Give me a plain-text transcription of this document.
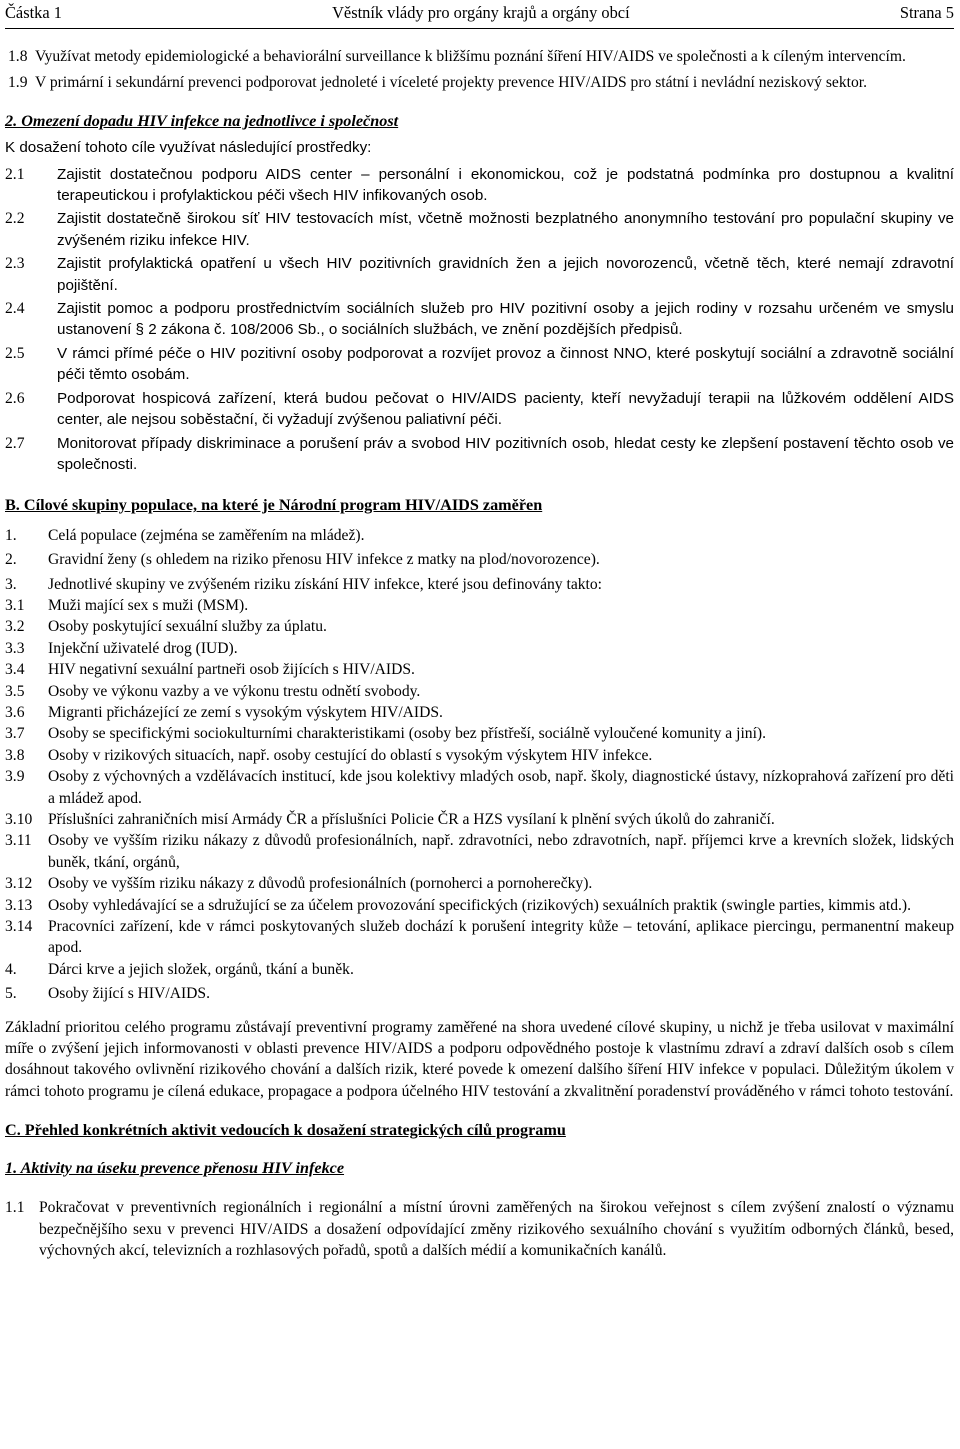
Částka 1	Věstník vlády pro orgány krajů a orgány obcí	Strana 5
1.8 Využívat metody epidemiologické a behaviorální surveillance k bližšímu poznání šíření HIV/AIDS ve společnosti a k cíleným intervencím.
1.9 V primární i sekundární prevenci podporovat jednoleté i víceleté projekty prevence HIV/AIDS pro státní i nevládní neziskový sektor.
2. Omezení dopadu HIV infekce na jednotlivce i společnost
K dosažení tohoto cíle využívat následující prostředky:
2.1	Zajistit dostatečnou podporu AIDS center – personální i ekonomickou, což je podstatná podmínka pro dostupnou a kvalitní terapeutickou i profylaktickou péči všech HIV infikovaných osob.
2.2	Zajistit dostatečně širokou síť HIV testovacích míst, včetně možnosti bezplatného anonymního testování pro populační skupiny ve zvýšeném riziku infekce HIV.
2.3	Zajistit profylaktická opatření u všech HIV pozitivních gravidních žen a jejich novorozenců, včetně těch, které nemají zdravotní pojištění.
2.4	Zajistit pomoc a podporu prostřednictvím sociálních služeb pro HIV pozitivní osoby a jejich rodiny v rozsahu určeném ve smyslu ustanovení § 2 zákona č. 108/2006 Sb., o sociálních službách, ve znění pozdějších předpisů.
2.5	V rámci přímé péče o HIV pozitivní osoby podporovat a rozvíjet provoz a činnost NNO, které poskytují sociální a zdravotně sociální péči těmto osobám.
2.6	Podporovat hospicová zařízení, která budou pečovat o HIV/AIDS pacienty, kteří nevyžadují terapii na lůžkovém oddělení AIDS center, ale nejsou soběstační, či vyžadují zvýšenou paliativní péči.
2.7	Monitorovat případy diskriminace a porušení práv a svobod HIV pozitivních osob, hledat cesty ke zlepšení postavení těchto osob ve společnosti.
B. Cílové skupiny populace, na které je Národní program HIV/AIDS zaměřen
1.	Celá populace (zejména se zaměřením na mládež).
2.	Gravidní ženy (s ohledem na riziko přenosu HIV infekce z matky na plod/novorozence).
3.	Jednotlivé skupiny ve zvýšeném riziku získání HIV infekce, které jsou definovány takto:
3.1	Muži mající sex s muži (MSM).
3.2	Osoby poskytující sexuální služby za úplatu.
3.3	Injekční uživatelé drog (IUD).
3.4	HIV negativní sexuální partneři osob žijících s HIV/AIDS.
3.5	Osoby ve výkonu vazby a ve výkonu trestu odnětí svobody.
3.6	Migranti přicházející ze zemí s vysokým výskytem HIV/AIDS.
3.7	Osoby se specifickými sociokulturními charakteristikami (osoby bez přístřeší, sociálně vyloučené komunity a jiní).
3.8	Osoby v rizikových situacích, např. osoby cestující do oblastí s vysokým výskytem HIV infekce.
3.9	Osoby z výchovných a vzdělávacích institucí, kde jsou kolektivy mladých osob, např. školy, diagnostické ústavy, nízkoprahová zařízení pro děti a mládež apod.
3.10	Příslušníci zahraničních misí Armády ČR a příslušníci Policie ČR a HZS vysílaní k plnění svých úkolů do zahraničí.
3.11	Osoby ve vyšším riziku nákazy z důvodů profesionálních, např. zdravotníci, nebo zdravotních, např. příjemci krve a krevních složek, lidských buněk, tkání, orgánů,
3.12	Osoby ve vyšším riziku nákazy z důvodů profesionálních (pornoherci a pornoherečky).
3.13	Osoby vyhledávající se a sdružující se za účelem provozování specifických (rizikových) sexuálních praktik (swingle parties, kimmis atd.).
3.14	Pracovníci zařízení, kde v rámci poskytovaných služeb dochází k porušení integrity kůže – tetování, aplikace piercingu, permanentní makeup apod.
4.	Dárci krve a jejich složek, orgánů, tkání a buněk.
5.	Osoby žijící s HIV/AIDS.

Základní prioritou celého programu zůstávají preventivní programy zaměřené na shora uvedené cílové skupiny, u nichž je třeba usilovat v maximální míře o zvýšení jejich informovanosti v oblasti prevence HIV/AIDS a podporu odpovědného postoje k vlastnímu zdraví a zdraví dalších osob s cílem dosáhnout takového ovlivnění rizikového chování a dalších rizik, které povede k omezení dalšího šíření HIV infekce v populaci. Důležitým úkolem v rámci tohoto programu je cílená edukace, propagace a podpora účelného HIV testování a zkvalitnění poradenství prováděného v rámci tohoto testování.

C. Přehled konkrétních aktivit vedoucích k dosažení strategických cílů programu
1. Aktivity na úseku prevence přenosu HIV infekce
1.1 Pokračovat v preventivních regionálních i regionální a místní úrovni zaměřených na širokou veřejnost s cílem zvýšení znalostí o významu bezpečnějšího sexu v prevenci HIV/AIDS a dosažení odpovídající změny rizikového sexuálního chování s využitím odborných článků, besed, výchovných akcí, televizních a rozhlasových pořadů, spotů a dalších médií a komunikačních kanálů.
